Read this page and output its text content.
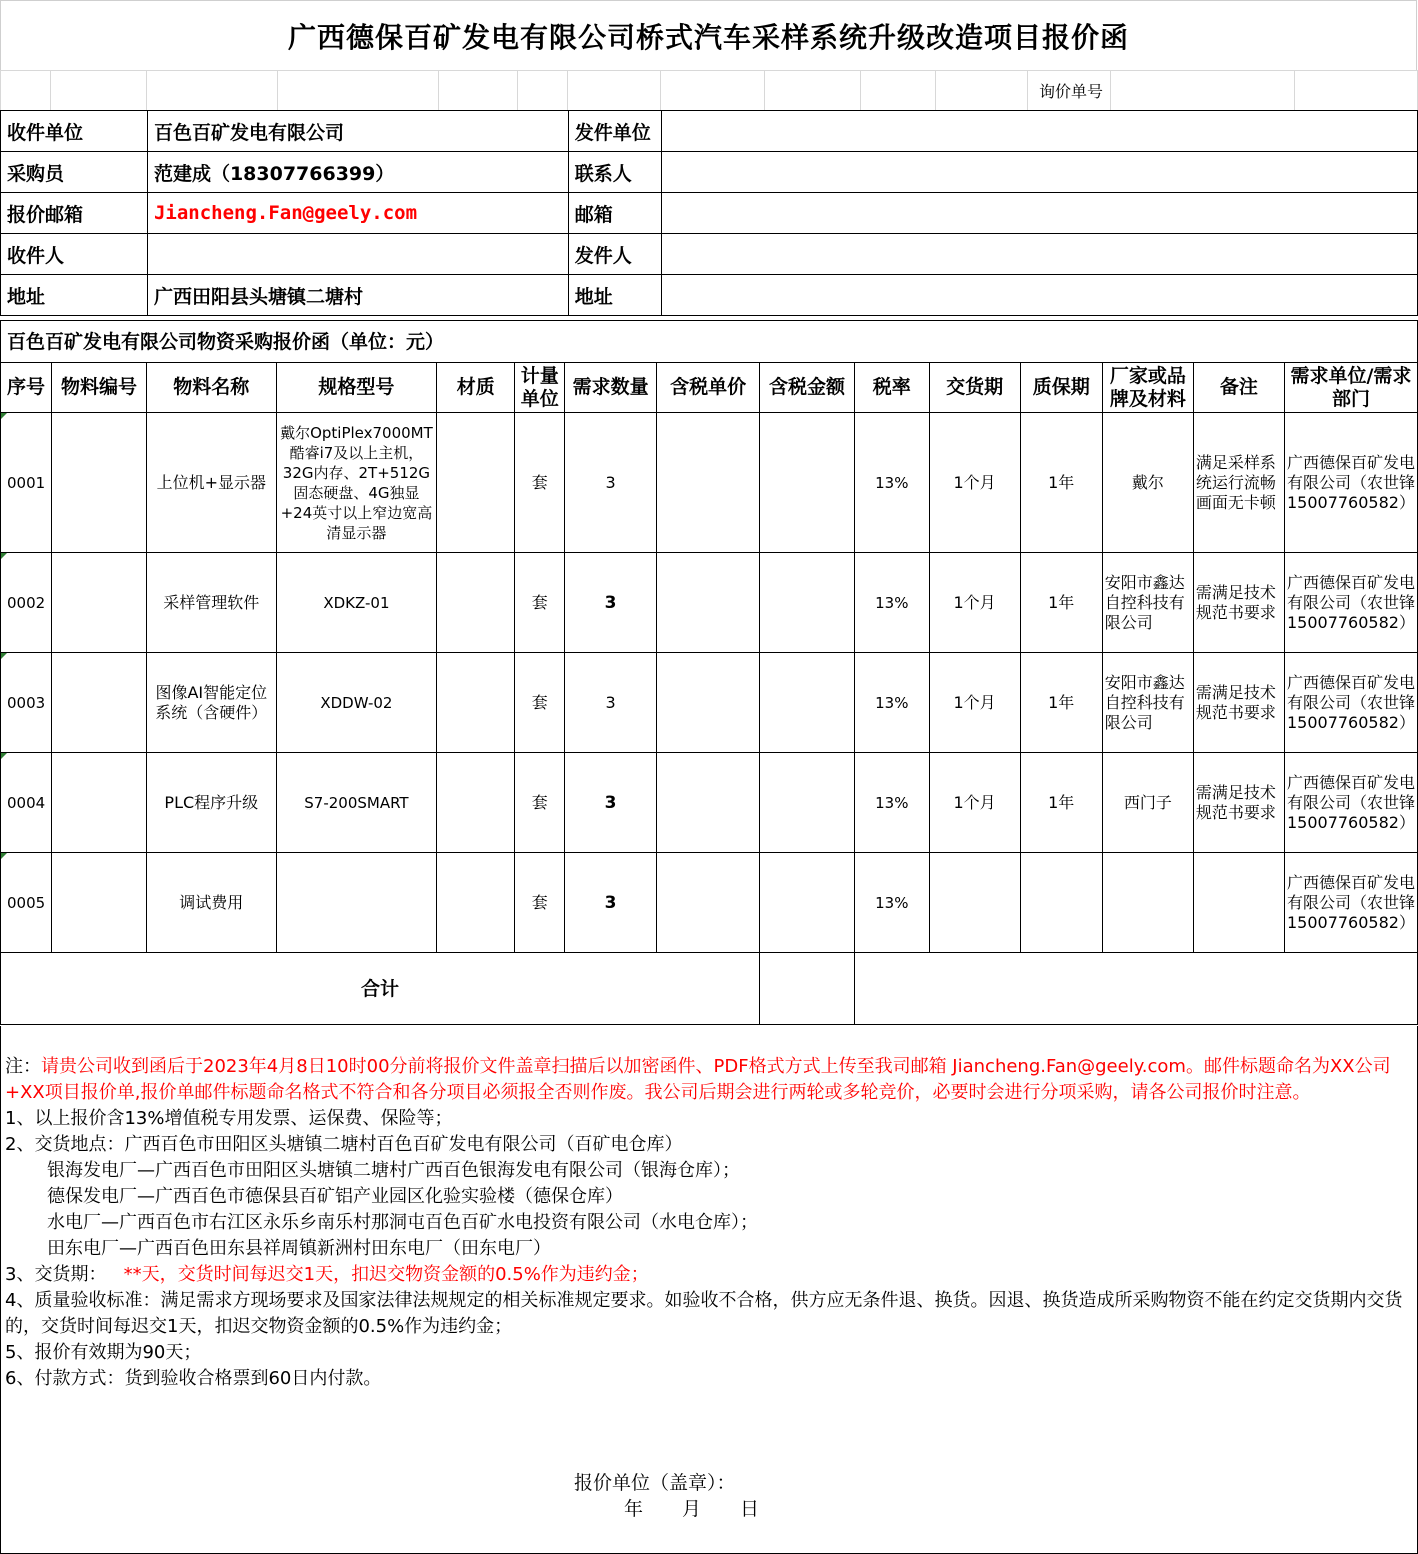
广西德保百矿发电有限公司桥式汽车采样系统升级改造项目报价函
询价单号
收件单位	百色百矿发电有限公司	发件单位	
采购员	范建成（18307766399）	联系人	
报价邮箱	Jiancheng.Fan@geely.com	邮箱	
收件人		发件人	
地址	广西田阳县头塘镇二塘村	地址	
百色百矿发电有限公司物资采购报价函（单位：元）														
序号	物料编号	物料名称	规格型号	材质	计量单位	需求数量	含税单价	含税金额	税率	交货期	质保期	厂家或品牌及材料	备注	需求单位/需求部门
0001		上位机+显示器	戴尔OptiPlex7000MT酷睿i7及以上主机，32G内存、2T+512G固态硬盘、4G独显+24英寸以上窄边宽高清显示器		套	3			13%	1个月	1年	戴尔	满足采样系统运行流畅画面无卡顿	广西德保百矿发电有限公司（农世锋15007760582）
0002		采样管理软件	XDKZ-01		套	3			13%	1个月	1年	安阳市鑫达自控科技有限公司	需满足技术规范书要求	广西德保百矿发电有限公司（农世锋15007760582）
0003		图像AI智能定位系统（含硬件）	XDDW-02		套	3			13%	1个月	1年	安阳市鑫达自控科技有限公司	需满足技术规范书要求	广西德保百矿发电有限公司（农世锋15007760582）
0004		PLC程序升级	S7-200SMART		套	3			13%	1个月	1年	西门子	需满足技术规范书要求	广西德保百矿发电有限公司（农世锋15007760582）
0005		调试费用			套	3			13%					广西德保百矿发电有限公司（农世锋15007760582）
合计														

注：请贵公司收到函后于2023年4月8日10时00分前将报价文件盖章扫描后以加密函件、PDF格式方式上传至我司邮箱 Jiancheng.Fan@geely.com。邮件标题命名为XX公司+XX项目报价单,报价单邮件标题命名格式不符合和各分项目必须报全否则作废。我公司后期会进行两轮或多轮竞价，必要时会进行分项采购，请各公司报价时注意。

1、以上报价含13%增值税专用发票、运保费、保险等；

2、交货地点：广西百色市田阳区头塘镇二塘村百色百矿发电有限公司（百矿电仓库）

银海发电厂—广西百色市田阳区头塘镇二塘村广西百色银海发电有限公司（银海仓库）；

德保发电厂—广西百色市德保县百矿铝产业园区化验实验楼（德保仓库）

水电厂—广西百色市右江区永乐乡南乐村那洞屯百色百矿水电投资有限公司（水电仓库）；

田东电厂—广西百色田东县祥周镇新洲村田东电厂（田东电厂）

3、交货期： **天，交货时间每迟交1天，扣迟交物资金额的0.5%作为违约金；

4、质量验收标准：满足需求方现场要求及国家法律法规规定的相关标准规定要求。如验收不合格，供方应无条件退、换货。因退、换货造成所采购物资不能在约定交货期内交货的，交货时间每迟交1天，扣迟交物资金额的0.5%作为违约金；

5、报价有效期为90天；

6、付款方式：货到验收合格票到60日内付款。

报价单位（盖章）：
年 月 日
